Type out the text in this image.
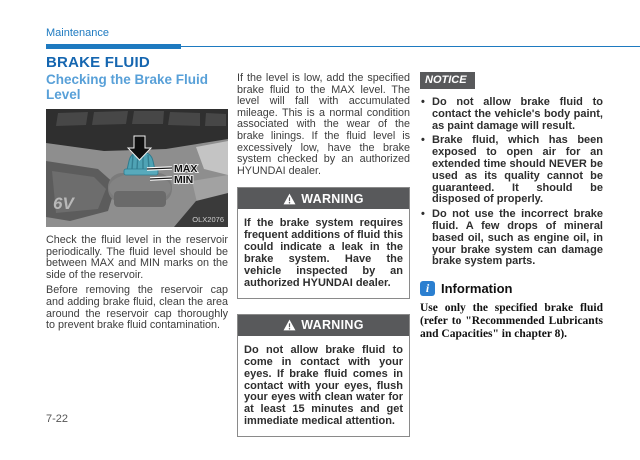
Maintenance
BRAKE FLUID
Checking the Brake Fluid Level
6V
MAX
MIN
OLX2076

Check the fluid level in the reservoir periodically. The fluid level should be between MAX and MIN marks on the side of the reservoir.

Before removing the reservoir cap and adding brake fluid, clean the area around the reservoir cap thoroughly to prevent brake fluid contamination.

If the level is low, add the specified brake fluid to the MAX level. The level will fall with accumulated mileage. This is a normal condition associated with the wear of the brake linings. If the fluid level is excessively low, have the brake system checked by an authorized HYUNDAI dealer.

WARNING
If the brake system requires frequent additions of fluid this could indicate a leak in the brake system. Have the vehicle inspected by an authorized HYUNDAI dealer.
WARNING
Do not allow brake fluid to come in contact with your eyes. If brake fluid comes in contact with your eyes, flush your eyes with clean water for at least 15 minutes and get immediate medical attention.
NOTICE
• Do not allow brake fluid to contact the vehicle's body paint, as paint damage will result.
• Brake fluid, which has been exposed to open air for an extended time should NEVER be used as its quality cannot be guaranteed. It should be disposed of properly.
• Do not use the incorrect brake fluid. A few drops of mineral based oil, such as engine oil, in your brake system can damage brake system parts.
i Information

Use only the specified brake fluid (refer to "Recommended Lubricants and Capacities" in chapter 8).

7-22
